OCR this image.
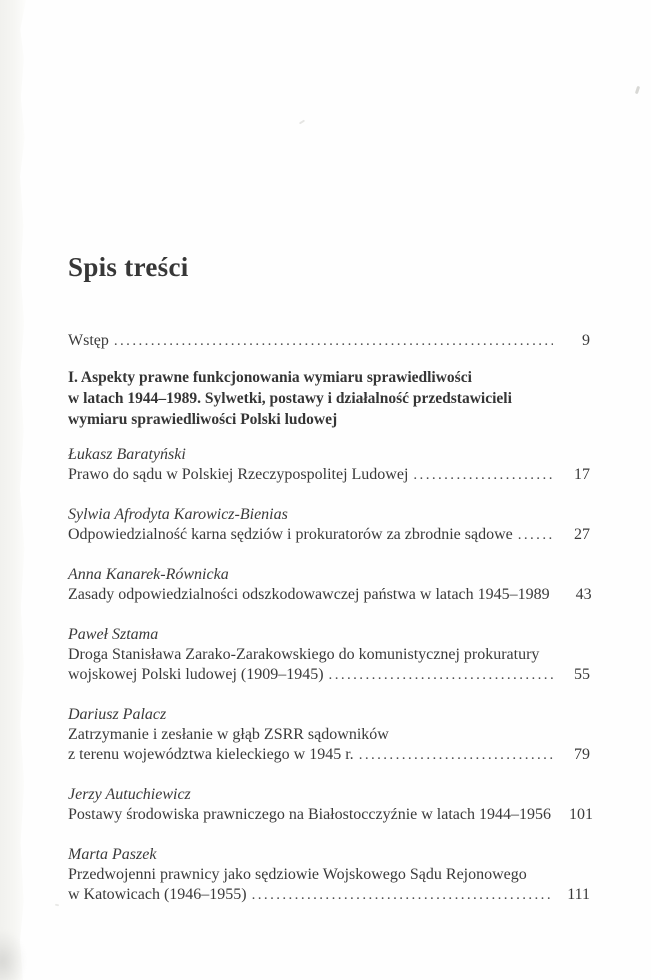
Spis treści
Wstęp .....	9
I. Aspekty prawne funkcjonowania wymiaru sprawiedliwości
w latach 1944–1989. Sylwetki, postawy i działalność przedstawicieli
wymiaru sprawiedliwości Polski ludowej
Łukasz Baratyński
Prawo do sądu w Polskiej Rzeczypospolitej Ludowej .....	17
Sylwia Afrodyta Karowicz-Bienias
Odpowiedzialność karna sędziów i prokuratorów za zbrodnie sądowe .....	27
Anna Kanarek-Równicka
Zasady odpowiedzialności odszkodowawczej państwa w latach 1945–1989	43
Paweł Sztama
Droga Stanisława Zarako-Zarakowskiego do komunistycznej prokuratury
wojskowej Polski ludowej (1909–1945) .....	55
Dariusz Palacz
Zatrzymanie i zesłanie w głąb ZSRR sądowników
z terenu województwa kieleckiego w 1945 r. .....	79
Jerzy Autuchiewicz
Postawy środowiska prawniczego na Białostocczyźnie w latach 1944–1956	101
Marta Paszek
Przedwojenni prawnicy jako sędziowie Wojskowego Sądu Rejonowego
w Katowicach (1946–1955) .....	111
